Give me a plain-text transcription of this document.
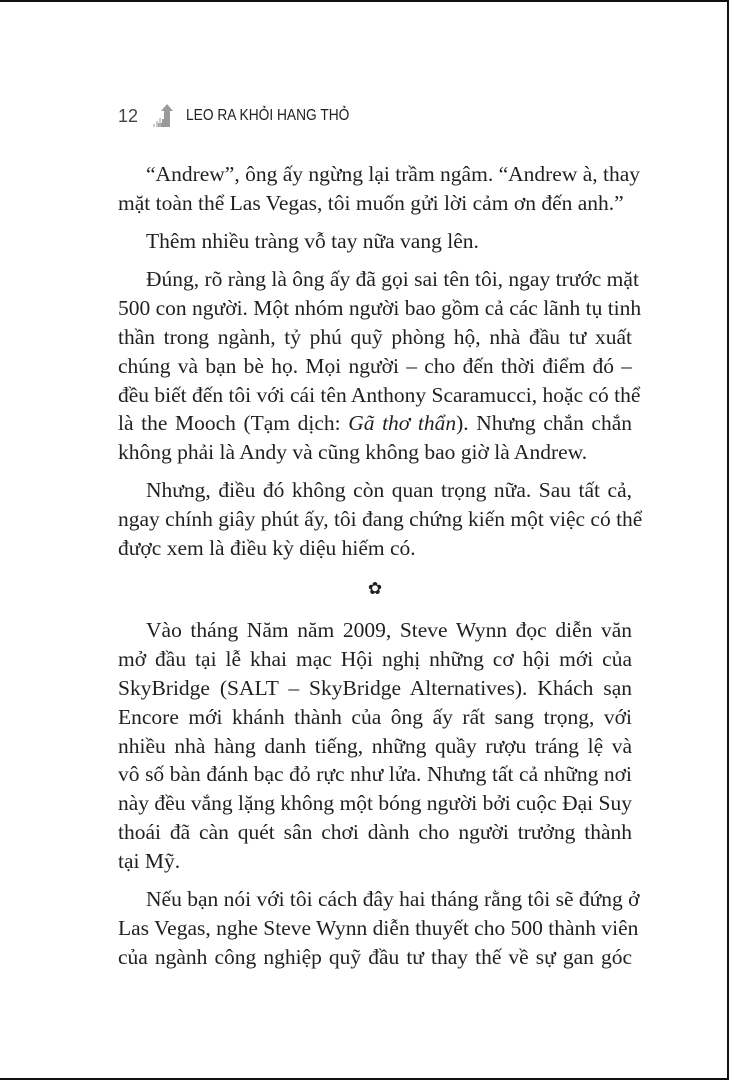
12	LEO RA KHỎI HANG THỎ
“Andrew”, ông ấy ngừng lại trầm ngâm. “Andrew à, thay
mặt toàn thể Las Vegas, tôi muốn gửi lời cảm ơn đến anh.”
Thêm nhiều tràng vỗ tay nữa vang lên.
Đúng, rõ ràng là ông ấy đã gọi sai tên tôi, ngay trước mặt
500 con người. Một nhóm người bao gồm cả các lãnh tụ tinh
thần trong ngành, tỷ phú quỹ phòng hộ, nhà đầu tư xuất
chúng và bạn bè họ. Mọi người – cho đến thời điểm đó –
đều biết đến tôi với cái tên Anthony Scaramucci, hoặc có thể
là the Mooch (Tạm dịch: Gã thơ thẩn). Nhưng chắn chắn
không phải là Andy và cũng không bao giờ là Andrew.
Nhưng, điều đó không còn quan trọng nữa. Sau tất cả,
ngay chính giây phút ấy, tôi đang chứng kiến một việc có thể
được xem là điều kỳ diệu hiếm có.
✿
Vào tháng Năm năm 2009, Steve Wynn đọc diễn văn
mở đầu tại lễ khai mạc Hội nghị những cơ hội mới của
SkyBridge (SALT – SkyBridge Alternatives). Khách sạn
Encore mới khánh thành của ông ấy rất sang trọng, với
nhiều nhà hàng danh tiếng, những quầy rượu tráng lệ và
vô số bàn đánh bạc đỏ rực như lửa. Nhưng tất cả những nơi
này đều vắng lặng không một bóng người bởi cuộc Đại Suy
thoái đã càn quét sân chơi dành cho người trưởng thành
tại Mỹ.
Nếu bạn nói với tôi cách đây hai tháng rằng tôi sẽ đứng ở
Las Vegas, nghe Steve Wynn diễn thuyết cho 500 thành viên
của ngành công nghiệp quỹ đầu tư thay thế về sự gan góc
